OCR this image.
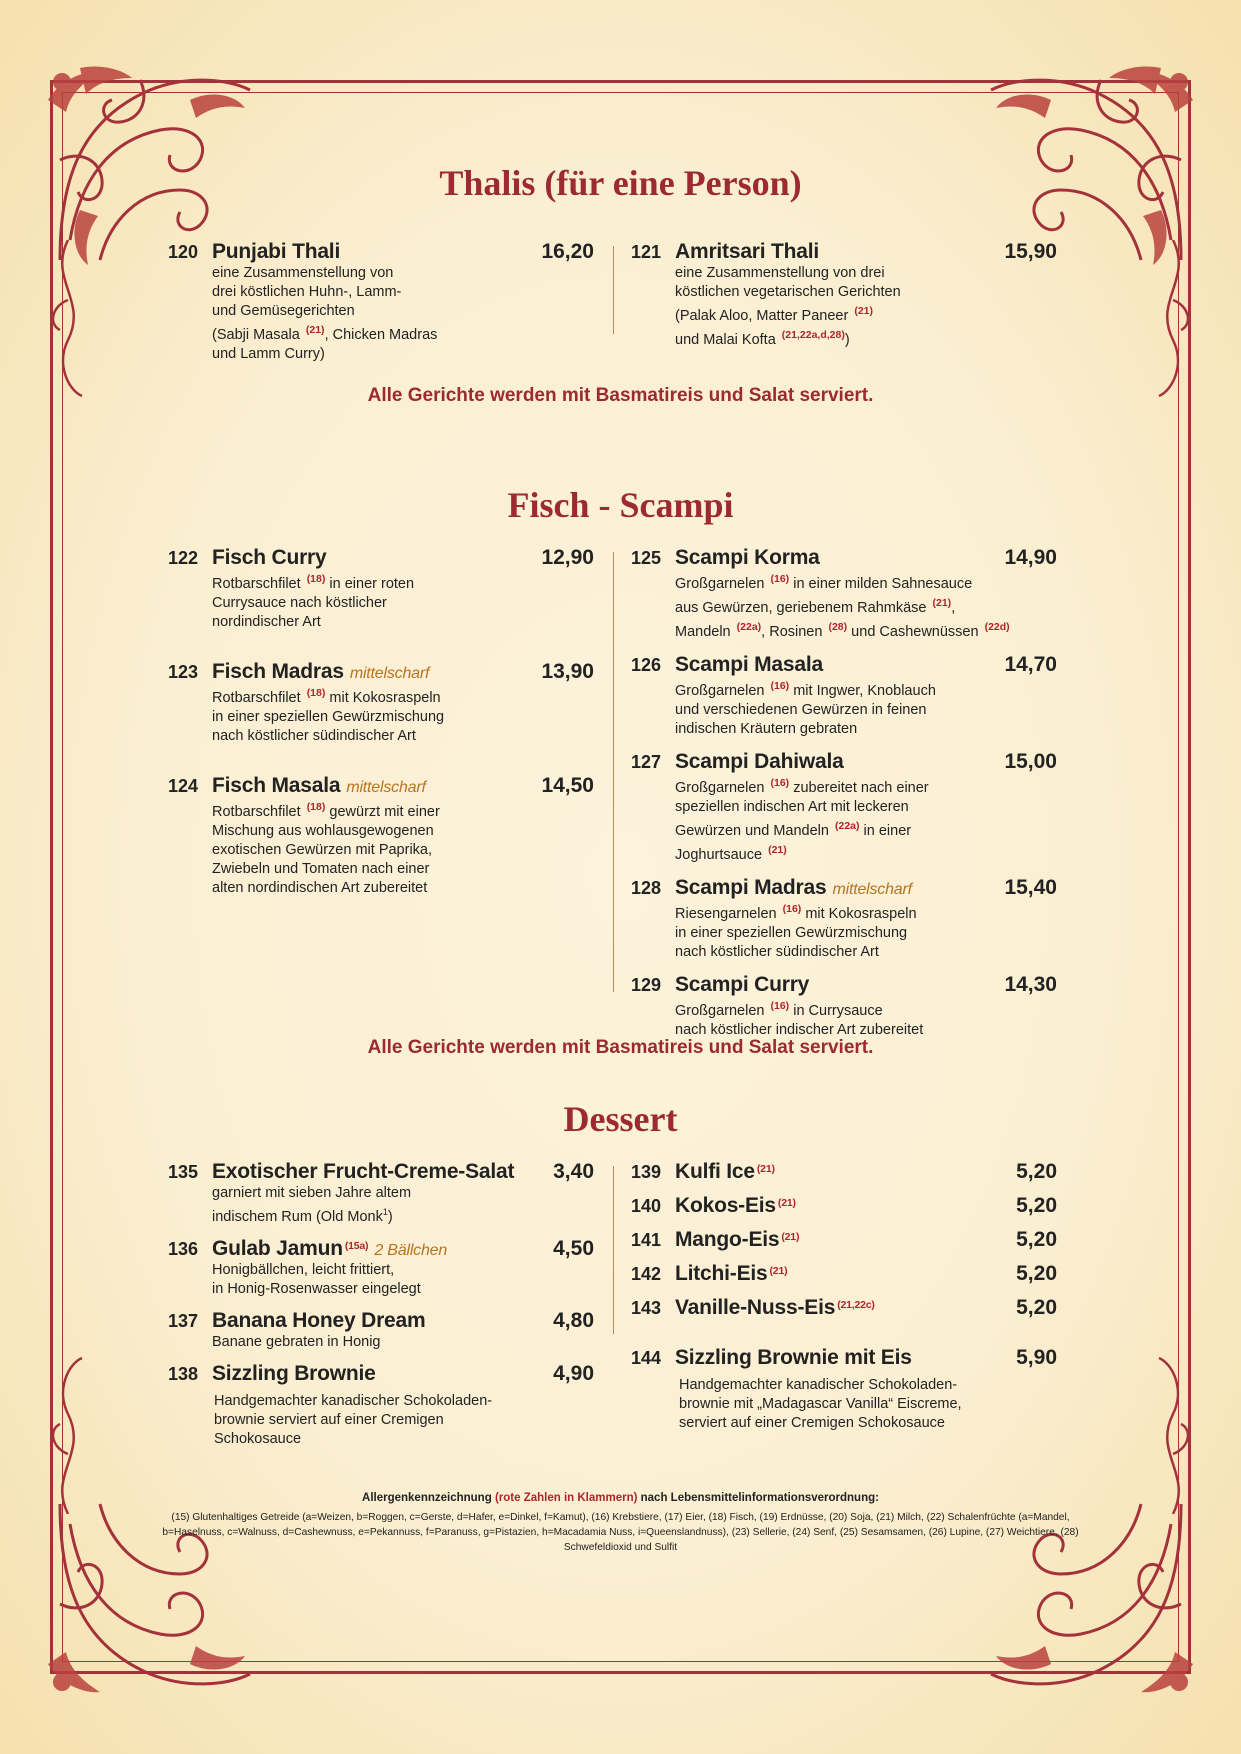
Thalis (für eine Person)
120 Punjabi Thali	16,20
eine Zusammenstellung von
drei köstlichen Huhn-, Lamm-
und Gemüsegerichten
(Sabji Masala $^{(21)}$, Chicken Madras
und Lamm Curry)
121 Amritsari Thali	15,90
eine Zusammenstellung von drei
köstlichen vegetarischen Gerichten
(Palak Aloo, Matter Paneer $^{(21)}$
und Malai Kofta $^{(21,22a,d,28)}$)
Alle Gerichte werden mit Basmatireis und Salat serviert.
Fisch - Scampi
122 Fisch Curry	12,90
Rotbarschfilet $^{(18)}$ in einer roten
Currysauce nach köstlicher
nordindischer Art
123 Fisch Madras mittelscharf	13,90
Rotbarschfilet $^{(18)}$ mit Kokosraspeln
in einer speziellen Gewürzmischung
nach köstlicher südindischer Art
124 Fisch Masala mittelscharf	14,50
Rotbarschfilet $^{(18)}$ gewürzt mit einer
Mischung aus wohlausgewogenen
exotischen Gewürzen mit Paprika,
Zwiebeln und Tomaten nach einer
alten nordindischen Art zubereitet
125 Scampi Korma	14,90
Großgarnelen $^{(16)}$ in einer milden Sahnesauce
aus Gewürzen, geriebenem Rahmkäse $^{(21)}$,
Mandeln $^{(22a)}$, Rosinen $^{(28)}$ und Cashewnüssen $^{(22d)}$
126 Scampi Masala	14,70
Großgarnelen $^{(16)}$ mit Ingwer, Knoblauch
und verschiedenen Gewürzen in feinen
indischen Kräutern gebraten
127 Scampi Dahiwala	15,00
Großgarnelen $^{(16)}$ zubereitet nach einer
speziellen indischen Art mit leckeren
Gewürzen und Mandeln $^{(22a)}$ in einer
Joghurtsauce $^{(21)}$
128 Scampi Madras mittelscharf	15,40
Riesengarnelen $^{(16)}$ mit Kokosraspeln
in einer speziellen Gewürzmischung
nach köstlicher südindischer Art
129 Scampi Curry	14,30
Großgarnelen $^{(16)}$ in Currysauce
nach köstlicher indischer Art zubereitet
Alle Gerichte werden mit Basmatireis und Salat serviert.
Dessert
135 Exotischer Frucht-Creme-Salat 3,40
garniert mit sieben Jahre altem
indischem Rum (Old Monk$^1$)
136 Gulab Jamun $^{(15a)}$ 2 Bällchen	4,50
Honigbällchen, leicht frittiert,
in Honig-Rosenwasser eingelegt
137 Banana Honey Dream	4,80
Banane gebraten in Honig
138 Sizzling Brownie	4,90
Handgemachter kanadischer Schokoladen-
brownie serviert auf einer Cremigen
Schokosauce
139 Kulfi Ice $^{(21)}$	5,20
140 Kokos-Eis $^{(21)}$	5,20
141 Mango-Eis $^{(21)}$	5,20
142 Litchi-Eis $^{(21)}$	5,20
143 Vanille-Nuss-Eis $^{(21,22c)}$	5,20
144 Sizzling Brownie mit Eis	5,90
Handgemachter kanadischer Schokoladen-
brownie mit „Madagascar Vanilla“ Eiscreme,
serviert auf einer Cremigen Schokosauce
Allergenkennzeichnung (rote Zahlen in Klammern) nach Lebensmittelinformationsverordnung:
(15) Glutenhaltiges Getreide (a=Weizen, b=Roggen, c=Gerste, d=Hafer, e=Dinkel, f=Kamut), (16) Krebstiere, (17) Eier, (18) Fisch, (19) Erdnüsse, (20) Soja, (21) Milch, (22) Schalenfrüchte (a=Mandel, b=Haselnuss, c=Walnuss, d=Cashewnuss, e=Pekannuss, f=Paranuss, g=Pistazien, h=Macadamia Nuss, i=Queenslandnuss), (23) Sellerie, (24) Senf, (25) Sesamsamen, (26) Lupine, (27) Weichtiere, (28) Schwefeldioxid und Sulfit
